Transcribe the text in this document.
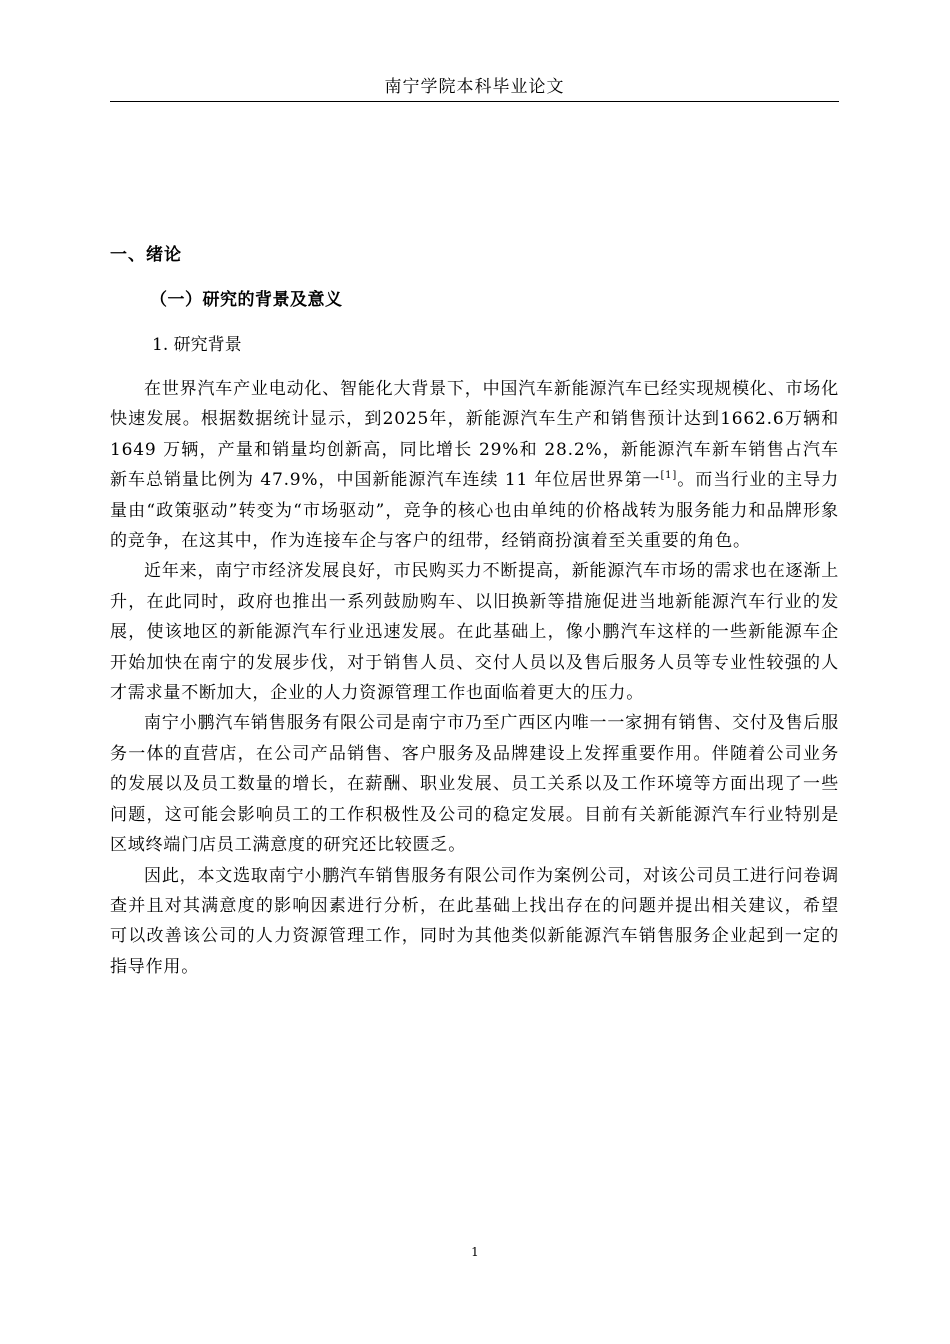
南宁学院本科毕业论文
一、绪论
（一）研究的背景及意义
1. 研究背景

在世界汽车产业电动化、智能化大背景下，中国汽车新能源汽车已经实现规模化、市场化快速发展。根据数据统计显示，到2025年，新能源汽车生产和销售预计达到1662.6万辆和 1649 万辆，产量和销量均创新高，同比增长 29%和 28.2%，新能源汽车新车销售占汽车新车总销量比例为 47.9%，中国新能源汽车连续 11 年位居世界第一[1]。而当行业的主导力量由“政策驱动”转变为“市场驱动”，竞争的核心也由单纯的价格战转为服务能力和品牌形象的竞争，在这其中，作为连接车企与客户的纽带，经销商扮演着至关重要的角色。

近年来，南宁市经济发展良好，市民购买力不断提高，新能源汽车市场的需求也在逐渐上升，在此同时，政府也推出一系列鼓励购车、以旧换新等措施促进当地新能源汽车行业的发展，使该地区的新能源汽车行业迅速发展。在此基础上，像小鹏汽车这样的一些新能源车企开始加快在南宁的发展步伐，对于销售人员、交付人员以及售后服务人员等专业性较强的人才需求量不断加大，企业的人力资源管理工作也面临着更大的压力。

南宁小鹏汽车销售服务有限公司是南宁市乃至广西区内唯一一家拥有销售、交付及售后服务一体的直营店，在公司产品销售、客户服务及品牌建设上发挥重要作用。伴随着公司业务的发展以及员工数量的增长，在薪酬、职业发展、员工关系以及工作环境等方面出现了一些问题，这可能会影响员工的工作积极性及公司的稳定发展。目前有关新能源汽车行业特别是区域终端门店员工满意度的研究还比较匮乏。

因此，本文选取南宁小鹏汽车销售服务有限公司作为案例公司，对该公司员工进行问卷调查并且对其满意度的影响因素进行分析，在此基础上找出存在的问题并提出相关建议，希望可以改善该公司的人力资源管理工作，同时为其他类似新能源汽车销售服务企业起到一定的指导作用。

1
